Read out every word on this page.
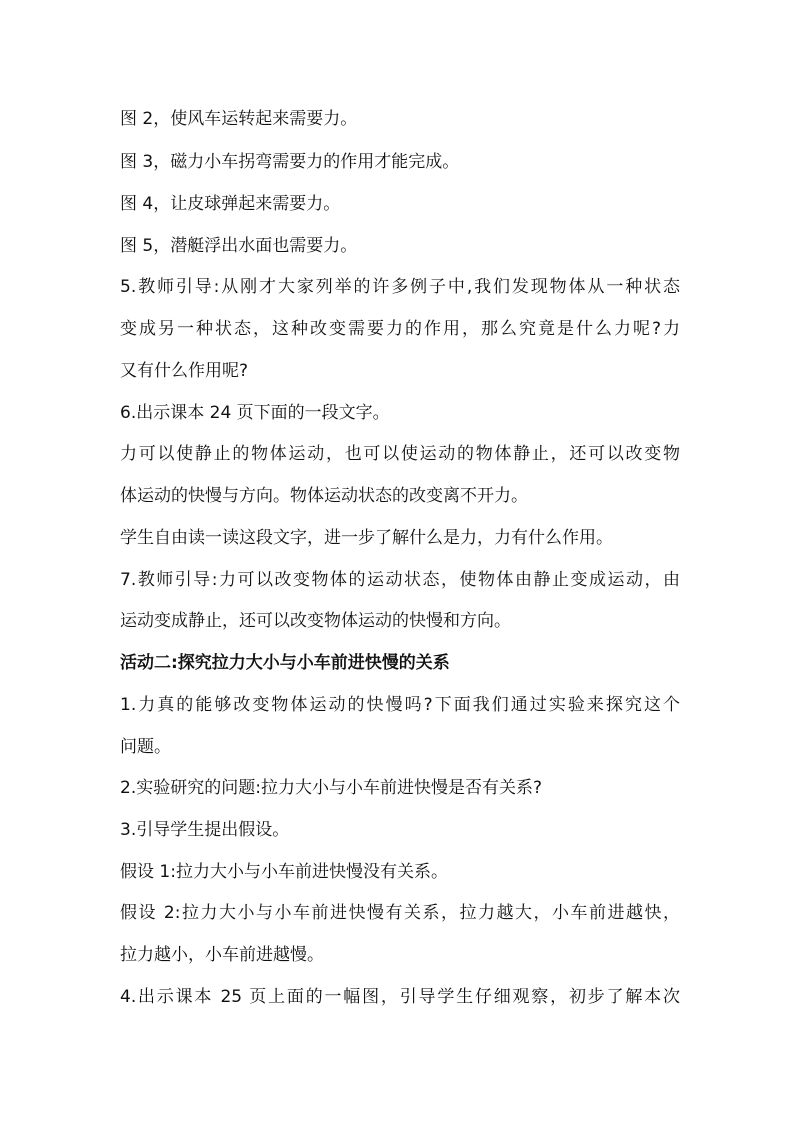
图 2，使风车运转起来需要力。
图 3，磁力小车拐弯需要力的作用才能完成。
图 4，让皮球弹起来需要力。
图 5，潜艇浮出水面也需要力。
5.教师引导:从刚才大家列举的许多例子中,我们发现物体从一种状态
变成另一种状态，这种改变需要力的作用，那么究竟是什么力呢?力
又有什么作用呢?
6.出示课本 24 页下面的一段文字。
力可以使静止的物体运动，也可以使运动的物体静止，还可以改变物
体运动的快慢与方向。物体运动状态的改变离不开力。
学生自由读一读这段文字，进一步了解什么是力，力有什么作用。
7.教师引导:力可以改变物体的运动状态，使物体由静止变成运动，由
运动变成静止，还可以改变物体运动的快慢和方向。
活动二:探究拉力大小与小车前进快慢的关系
1.力真的能够改变物体运动的快慢吗?下面我们通过实验来探究这个
问题。
2.实验研究的问题:拉力大小与小车前进快慢是否有关系?
3.引导学生提出假设。
假设 1:拉力大小与小车前进快慢没有关系。
假设 2:拉力大小与小车前进快慢有关系，拉力越大，小车前进越快，
拉力越小，小车前进越慢。
4.出示课本 25 页上面的一幅图，引导学生仔细观察，初步了解本次
